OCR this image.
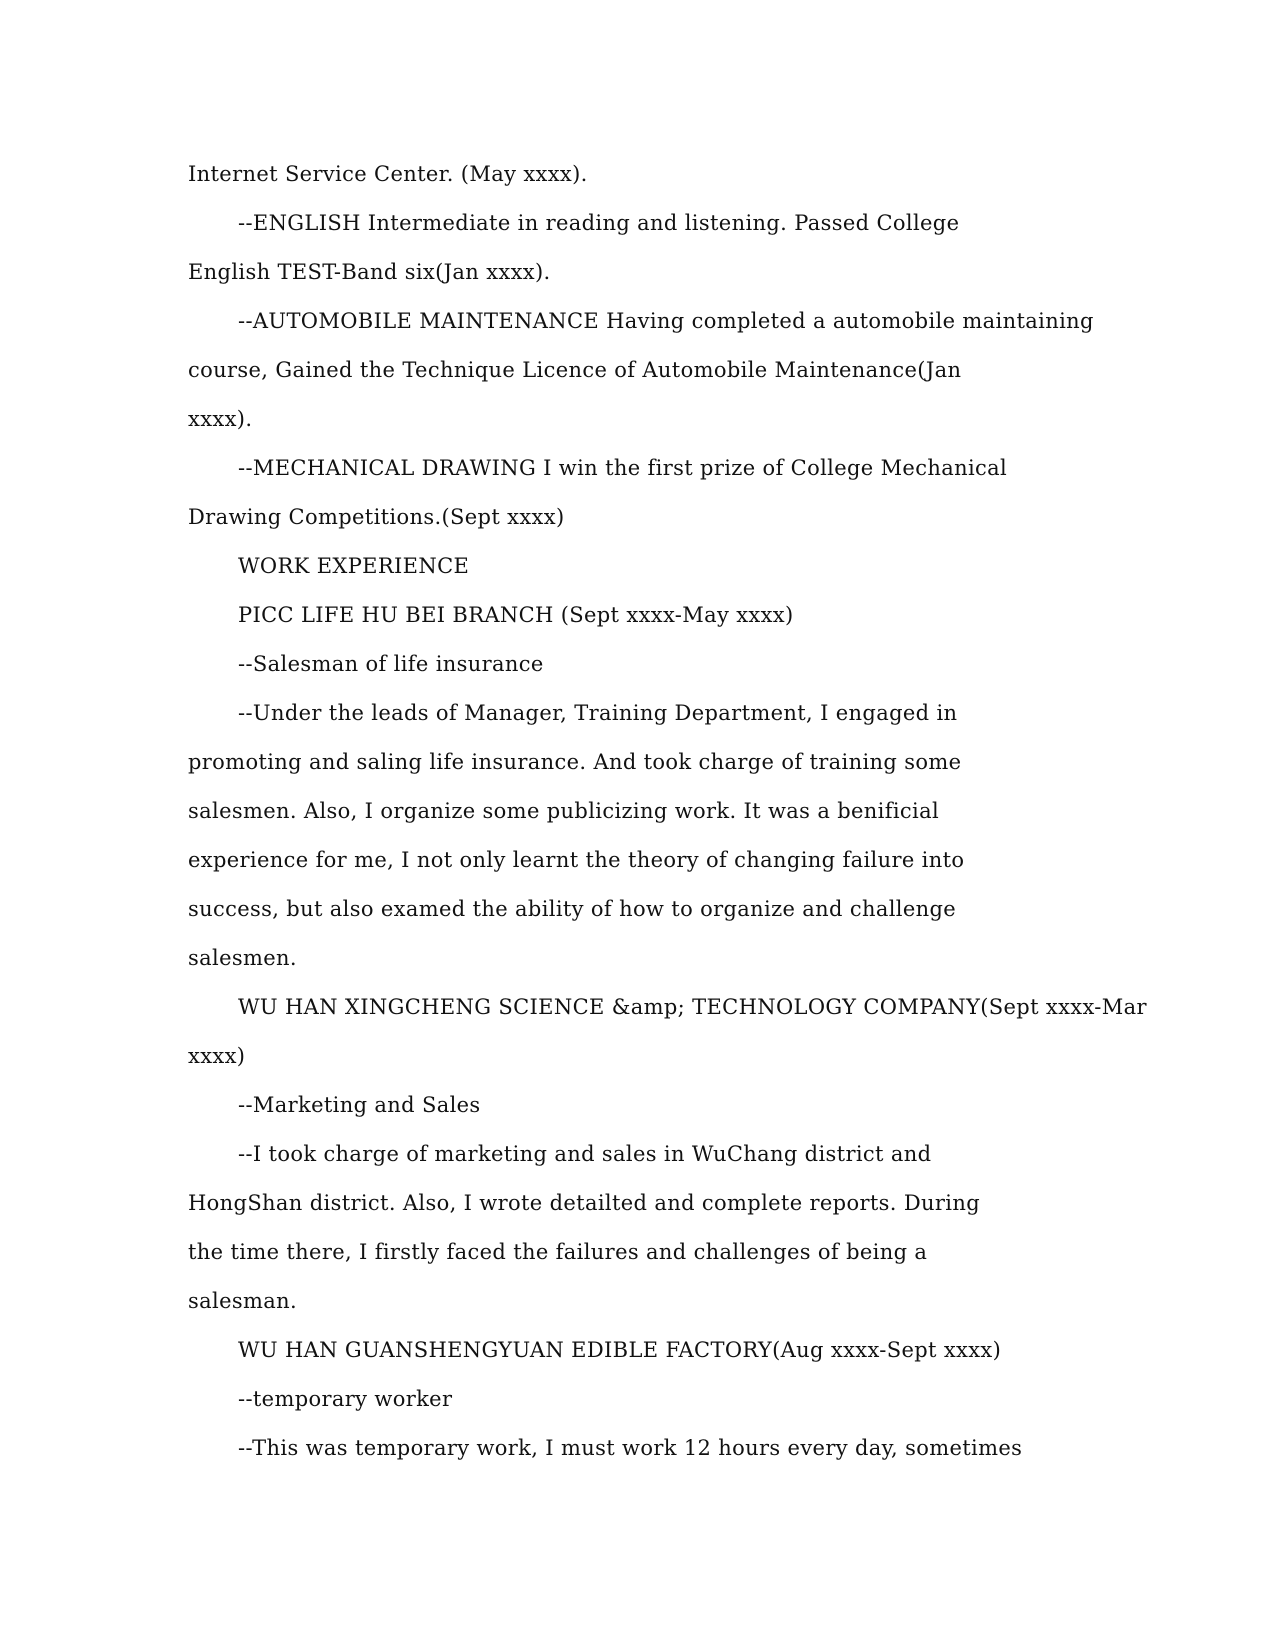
Internet Service Center. (May xxxx).
--ENGLISH Intermediate in reading and listening. Passed College
English TEST-Band six(Jan xxxx).
--AUTOMOBILE MAINTENANCE Having completed a automobile maintaining
course, Gained the Technique Licence of Automobile Maintenance(Jan
xxxx).
--MECHANICAL DRAWING I win the first prize of College Mechanical
Drawing Competitions.(Sept xxxx)
WORK EXPERIENCE
PICC LIFE HU BEI BRANCH (Sept xxxx-May xxxx)
--Salesman of life insurance
--Under the leads of Manager, Training Department, I engaged in
promoting and saling life insurance. And took charge of training some
salesmen. Also, I organize some publicizing work. It was a benificial
experience for me, I not only learnt the theory of changing failure into
success, but also examed the ability of how to organize and challenge
salesmen.
WU HAN XINGCHENG SCIENCE &amp; TECHNOLOGY COMPANY(Sept xxxx-Mar
xxxx)
--Marketing and Sales
--I took charge of marketing and sales in WuChang district and
HongShan district. Also, I wrote detailted and complete reports. During
the time there, I firstly faced the failures and challenges of being a
salesman.
WU HAN GUANSHENGYUAN EDIBLE FACTORY(Aug xxxx-Sept xxxx)
--temporary worker
--This was temporary work, I must work 12 hours every day, sometimes
